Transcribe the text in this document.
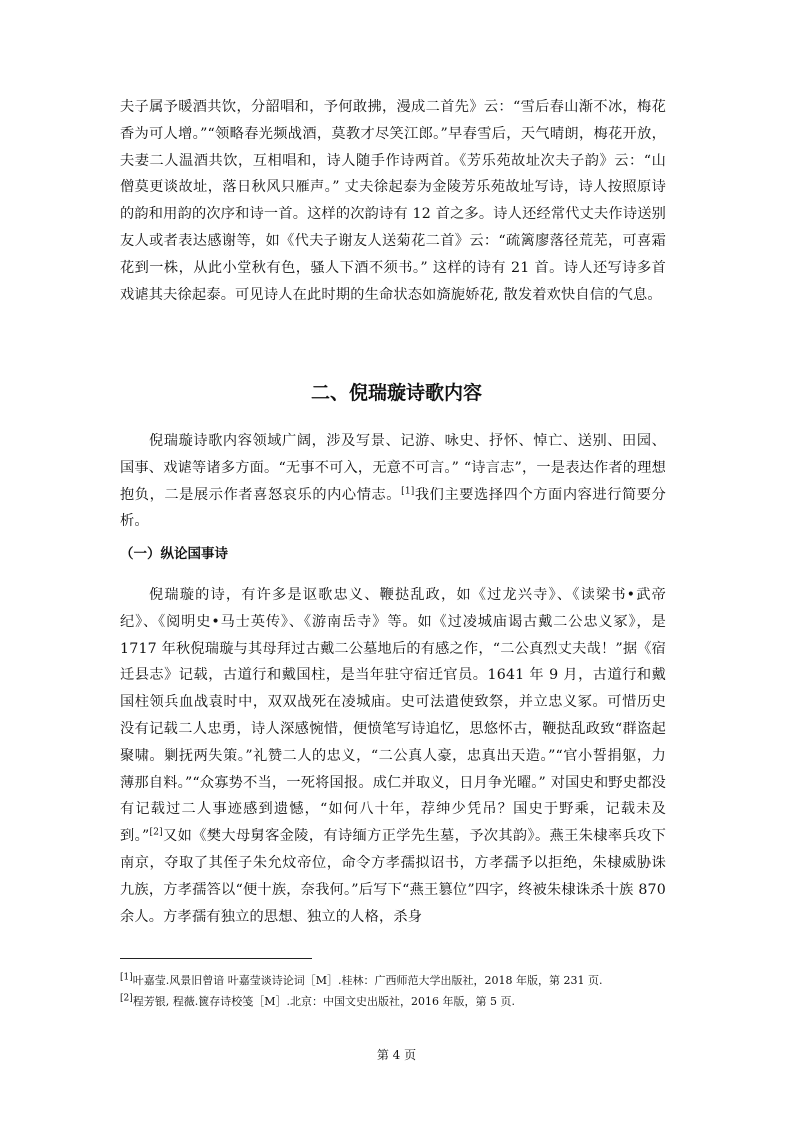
夫子属予暖酒共饮，分韶唱和，予何敢拂，漫成二首先》云：“雪后春山渐不冰，梅花香为可人增。”“领略春光频战酒，莫教才尽笑江郎。”早春雪后，天气晴朗，梅花开放，夫妻二人温酒共饮，互相唱和，诗人随手作诗两首。《芳乐苑故址次夫子韵》云：“山僧莫更谈故址，落日秋风只雁声。” 丈夫徐起泰为金陵芳乐苑故址写诗，诗人按照原诗的韵和用韵的次序和诗一首。这样的次韵诗有 12 首之多。诗人还经常代丈夫作诗送别友人或者表达感谢等，如《代夫子谢友人送菊花二首》云：“疏篱廖落径荒芜，可喜霜花到一株，从此小堂秋有色，骚人下酒不须书。” 这样的诗有 21 首。诗人还写诗多首戏谑其夫徐起泰。可见诗人在此时期的生命状态如旖旎娇花, 散发着欢快自信的气息。

二、倪瑞璇诗歌内容

倪瑞璇诗歌内容领域广阔，涉及写景、记游、咏史、抒怀、悼亡、送别、田园、国事、戏谑等诸多方面。“无事不可入，无意不可言。” “诗言志”，一是表达作者的理想抱负，二是展示作者喜怒哀乐的内心情志。[1]我们主要选择四个方面内容进行简要分析。

（一）纵论国事诗

倪瑞璇的诗，有许多是讴歌忠义、鞭挞乱政，如《过龙兴寺》、《读梁书•武帝纪》、《阅明史•马士英传》、《游南岳寺》等。如《过凌城庙谒古戴二公忠义冢》，是 1717 年秋倪瑞璇与其母拜过古戴二公墓地后的有感之作，“二公真烈丈夫哉！”据《宿迁县志》记载，古道行和戴国柱，是当年驻守宿迁官员。1641 年 9 月，古道行和戴国柱领兵血战袁时中，双双战死在凌城庙。史可法遣使致祭，并立忠义冢。可惜历史没有记载二人忠勇，诗人深感惋惜，便愤笔写诗追忆，思悠怀古，鞭挞乱政致“群盗起聚啸。剿抚两失策。”礼赞二人的忠义，“二公真人豪，忠真出天造。”“官小誓捐躯，力薄那自料。”“众寡势不当，一死将国报。成仁并取义，日月争光曜。” 对国史和野史都没有记载过二人事迹感到遗憾，“如何八十年，荐绅少凭吊？国史于野乘，记载未及到。”[2]又如《樊大母舅客金陵，有诗缅方正学先生墓，予次其韵》。燕王朱棣率兵攻下南京，夺取了其侄子朱允炆帝位，命令方孝孺拟诏书，方孝孺予以拒绝，朱棣威胁诛九族，方孝孺答以“便十族，奈我何。”后写下“燕王篡位”四字，终被朱棣诛杀十族 870 余人。方孝孺有独立的思想、独立的人格，杀身

[1]叶嘉莹.风景旧曾谙 叶嘉莹谈诗论词［M］.桂林：广西师范大学出版社，2018 年版，第 231 页.

[2]程芳银, 程薇.篋存诗校笺［M］.北京：中国文史出版社，2016 年版，第 5 页.

第 4 页
